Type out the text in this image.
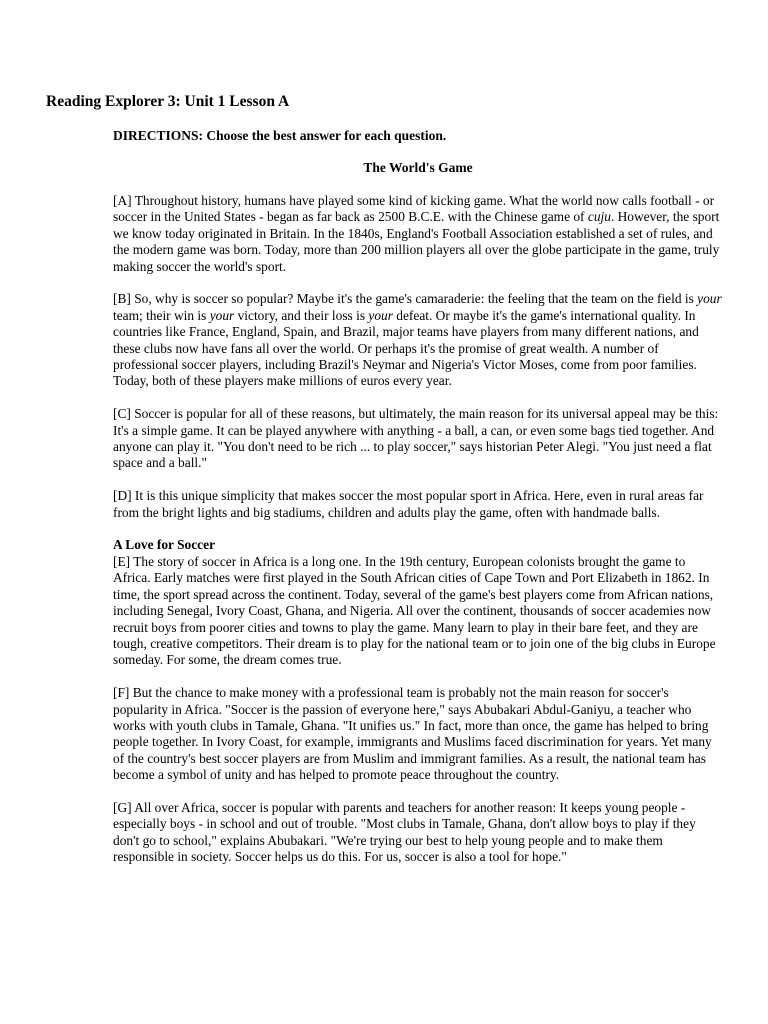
Reading Explorer 3: Unit 1 Lesson A
DIRECTIONS: Choose the best answer for each question.
The World's Game

[A] Throughout history, humans have played some kind of kicking game. What the world now calls football - or soccer in the United States - began as far back as 2500 B.C.E. with the Chinese game of cuju. However, the sport we know today originated in Britain. In the 1840s, England's Football Association established a set of rules, and the modern game was born. Today, more than 200 million players all over the globe participate in the game, truly making soccer the world's sport.

[B] So, why is soccer so popular? Maybe it's the game's camaraderie: the feeling that the team on the field is your team; their win is your victory, and their loss is your defeat. Or maybe it's the game's international quality. In countries like France, England, Spain, and Brazil, major teams have players from many different nations, and these clubs now have fans all over the world. Or perhaps it's the promise of great wealth. A number of professional soccer players, including Brazil's Neymar and Nigeria's Victor Moses, come from poor families. Today, both of these players make millions of euros every year.

[C] Soccer is popular for all of these reasons, but ultimately, the main reason for its universal appeal may be this: It's a simple game. It can be played anywhere with anything - a ball, a can, or even some bags tied together. And anyone can play it. "You don't need to be rich ... to play soccer," says historian Peter Alegi. "You just need a flat space and a ball."

[D] It is this unique simplicity that makes soccer the most popular sport in Africa. Here, even in rural areas far from the bright lights and big stadiums, children and adults play the game, often with handmade balls.

A Love for Soccer

[E] The story of soccer in Africa is a long one. In the 19th century, European colonists brought the game to Africa. Early matches were first played in the South African cities of Cape Town and Port Elizabeth in 1862. In time, the sport spread across the continent. Today, several of the game's best players come from African nations, including Senegal, Ivory Coast, Ghana, and Nigeria. All over the continent, thousands of soccer academies now recruit boys from poorer cities and towns to play the game. Many learn to play in their bare feet, and they are tough, creative competitors. Their dream is to play for the national team or to join one of the big clubs in Europe someday. For some, the dream comes true.

[F] But the chance to make money with a professional team is probably not the main reason for soccer's popularity in Africa. "Soccer is the passion of everyone here," says Abubakari Abdul-Ganiyu, a teacher who works with youth clubs in Tamale, Ghana. "It unifies us." In fact, more than once, the game has helped to bring people together. In Ivory Coast, for example, immigrants and Muslims faced discrimination for years. Yet many of the country's best soccer players are from Muslim and immigrant families. As a result, the national team has become a symbol of unity and has helped to promote peace throughout the country.

[G] All over Africa, soccer is popular with parents and teachers for another reason: It keeps young people - especially boys - in school and out of trouble. "Most clubs in Tamale, Ghana, don't allow boys to play if they don't go to school," explains Abubakari. "We're trying our best to help young people and to make them responsible in society. Soccer helps us do this. For us, soccer is also a tool for hope."
